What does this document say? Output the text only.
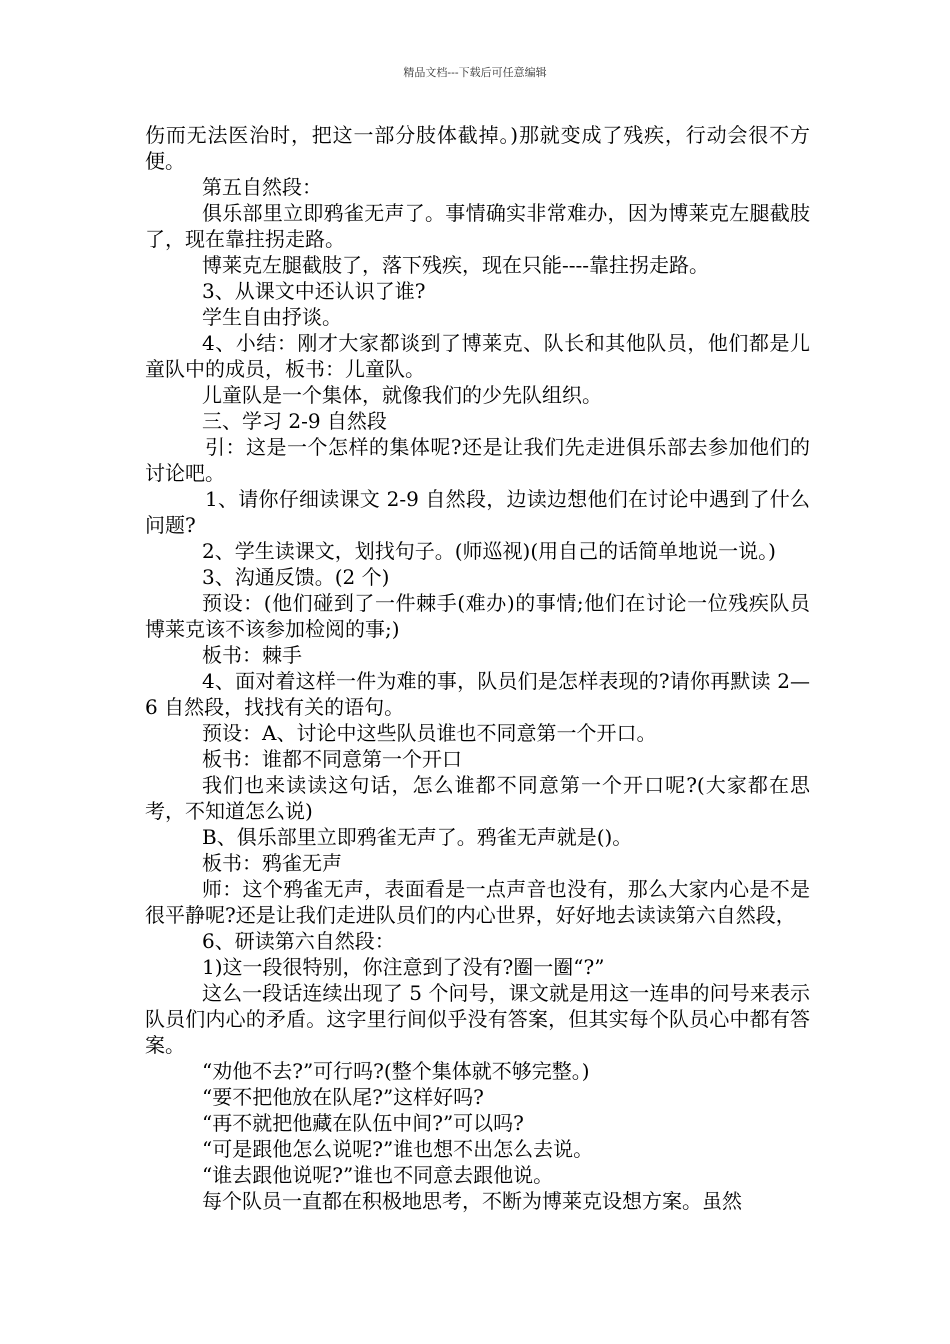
精品文档---下载后可任意编辑

伤而无法医治时，把这一部分肢体截掉。)那就变成了残疾，行动会很不方便。

第五自然段：

俱乐部里立即鸦雀无声了。事情确实非常难办，因为博莱克左腿截肢了，现在靠拄拐走路。

博莱克左腿截肢了，落下残疾，现在只能----靠拄拐走路。

3、从课文中还认识了谁?

学生自由抒谈。

4、小结：刚才大家都谈到了博莱克、队长和其他队员，他们都是儿童队中的成员，板书：儿童队。

儿童队是一个集体，就像我们的少先队组织。

三、学习 2-9 自然段

引：这是一个怎样的集体呢?还是让我们先走进俱乐部去参加他们的讨论吧。

1、请你仔细读课文 2-9 自然段，边读边想他们在讨论中遇到了什么问题?

2、学生读课文，划找句子。(师巡视)(用自己的话简单地说一说。)

3、沟通反馈。(2 个)

预设：(他们碰到了一件棘手(难办)的事情;他们在讨论一位残疾队员博莱克该不该参加检阅的事;)

板书：棘手

4、面对着这样一件为难的事，队员们是怎样表现的?请你再默读 2—6 自然段，找找有关的语句。

预设：A、讨论中这些队员谁也不同意第一个开口。

板书：谁都不同意第一个开口

我们也来读读这句话，怎么谁都不同意第一个开口呢?(大家都在思考，不知道怎么说)

B、俱乐部里立即鸦雀无声了。鸦雀无声就是()。

板书：鸦雀无声

师：这个鸦雀无声，表面看是一点声音也没有，那么大家内心是不是很平静呢?还是让我们走进队员们的内心世界，好好地去读读第六自然段，

6、研读第六自然段：

1)这一段很特别，你注意到了没有?圈一圈“?”

这么一段话连续出现了 5 个问号，课文就是用这一连串的问号来表示队员们内心的矛盾。这字里行间似乎没有答案，但其实每个队员心中都有答案。

“劝他不去?”可行吗?(整个集体就不够完整。)

“要不把他放在队尾?”这样好吗?

“再不就把他藏在队伍中间?”可以吗?

“可是跟他怎么说呢?”谁也想不出怎么去说。

“谁去跟他说呢?”谁也不同意去跟他说。

每个队员一直都在积极地思考，不断为博莱克设想方案。虽然
